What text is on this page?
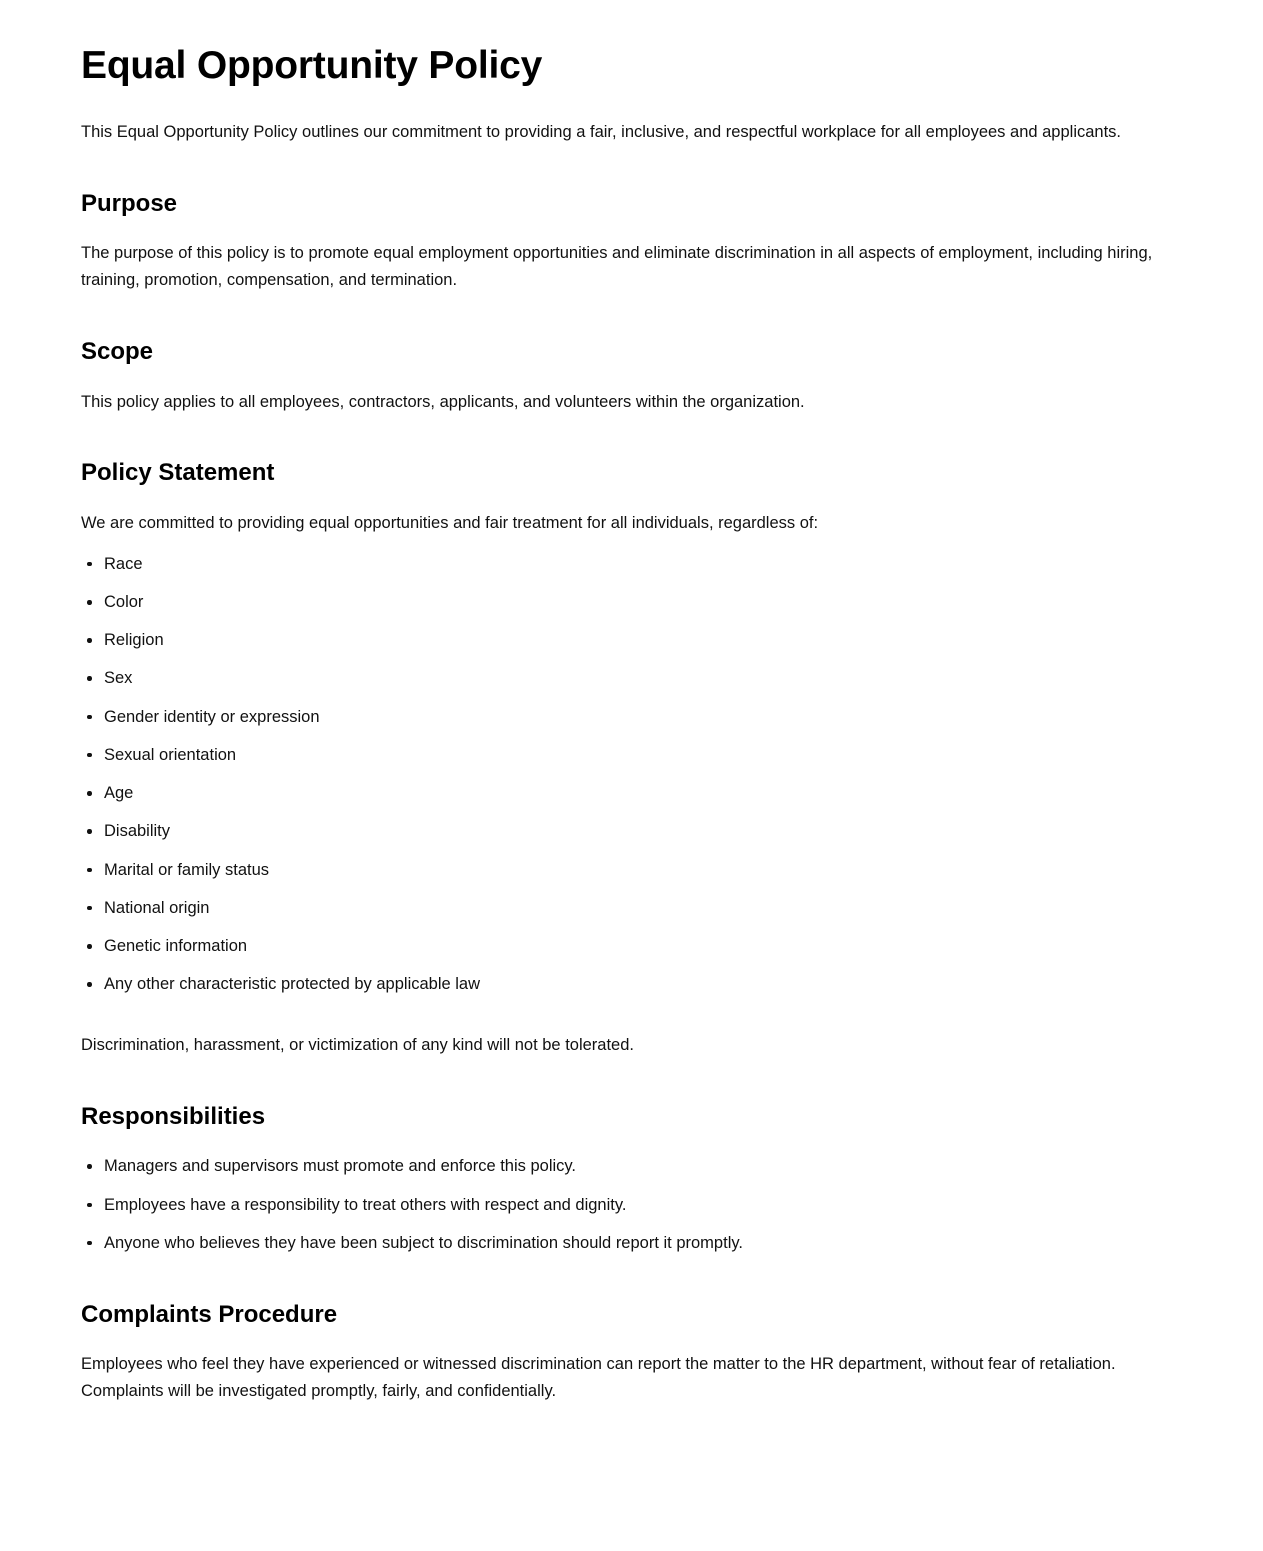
Equal Opportunity Policy

This Equal Opportunity Policy outlines our commitment to providing a fair, inclusive, and respectful workplace for all employees and applicants.

Purpose

The purpose of this policy is to promote equal employment opportunities and eliminate discrimination in all aspects of employment, including hiring, training, promotion, compensation, and termination.

Scope

This policy applies to all employees, contractors, applicants, and volunteers within the organization.

Policy Statement

We are committed to providing equal opportunities and fair treatment for all individuals, regardless of:

Race
Color
Religion
Sex
Gender identity or expression
Sexual orientation
Age
Disability
Marital or family status
National origin
Genetic information
Any other characteristic protected by applicable law

Discrimination, harassment, or victimization of any kind will not be tolerated.

Responsibilities
Managers and supervisors must promote and enforce this policy.
Employees have a responsibility to treat others with respect and dignity.
Anyone who believes they have been subject to discrimination should report it promptly.
Complaints Procedure

Employees who feel they have experienced or witnessed discrimination can report the matter to the HR department, without fear of retaliation. Complaints will be investigated promptly, fairly, and confidentially.
